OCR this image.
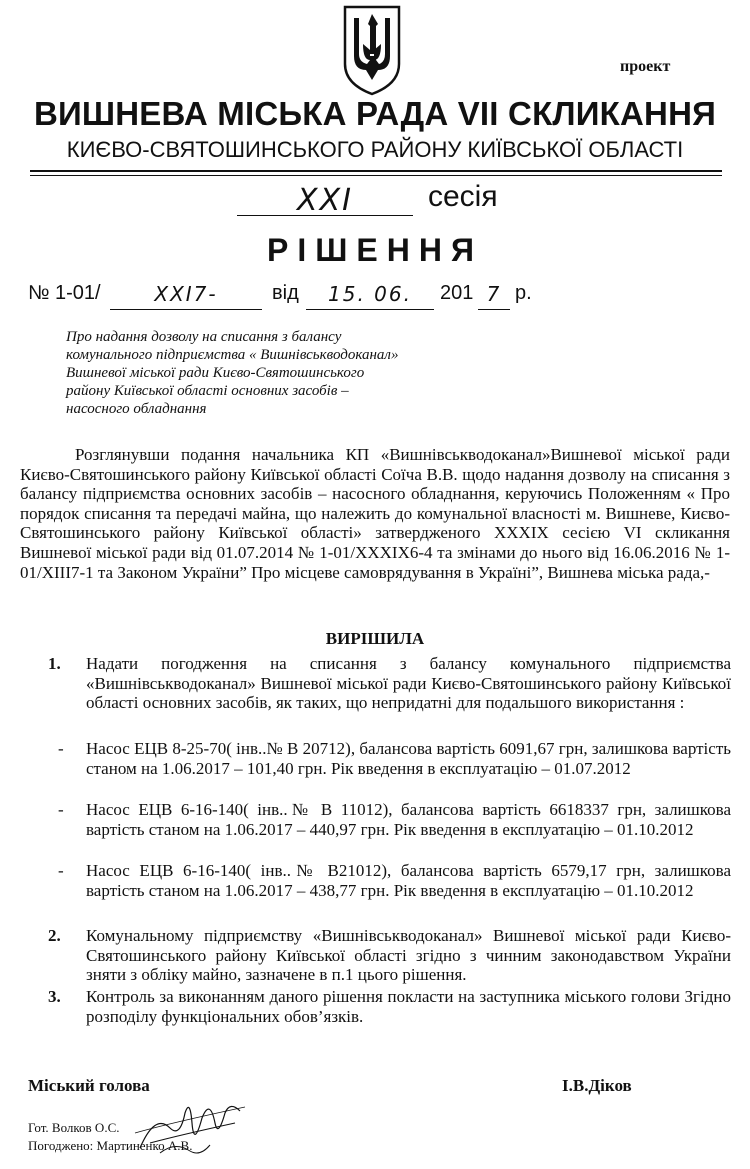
проект
ВИШНЕВА МІСЬКА РАДА VII СКЛИКАННЯ
КИЄВО-СВЯТОШИНСЬКОГО РАЙОНУ КИЇВСЬКОЇ ОБЛАСТІ
XXI	сесія
РІШЕННЯ
№ 1-01/	XXI7-	від	15. 06.	201 7 р.
Про надання дозволу на списання з балансу комунального підприємства « Вишнівськводоканал» Вишневої міської ради Києво-Святошинського району Київської області основних засобів – насосного обладнання
Розглянувши подання начальника КП «Вишнівськводоканал»Вишневої міської ради Києво-Святошинського району Київської області Соїча В.В. щодо надання дозволу на списання з балансу підприємства основних засобів – насосного обладнання, керуючись Положенням « Про порядок списання та передачі майна, що належить до комунальної власності м. Вишневе, Києво-Святошинського району Київської області» затвердженого XXXIX сесією VI скликання Вишневої міської ради від 01.07.2014 № 1-01/XXXIX6-4 та змінами до нього від 16.06.2016 № 1-01/XIII7-1 та Законом України” Про місцеве самоврядування в Україні”, Вишнева міська рада,-
ВИРІШИЛА
1. Надати погодження на списання з балансу комунального підприємства «Вишнівськводоканал» Вишневої міської ради Києво-Святошинського району Київської області основних засобів, як таких, що непридатні для подальшого використання :
- Насос ЕЦВ 8-25-70( інв..№ В 20712), балансова вартість 6091,67 грн, залишкова вартість станом на 1.06.2017 – 101,40 грн. Рік введення в експлуатацію – 01.07.2012
- Насос ЕЦВ 6-16-140( інв..№ В 11012), балансова вартість 6618337 грн, залишкова вартість станом на 1.06.2017 – 440,97 грн. Рік введення в експлуатацію – 01.10.2012
- Насос ЕЦВ 6-16-140( інв..№ В21012), балансова вартість 6579,17 грн, залишкова вартість станом на 1.06.2017 – 438,77 грн. Рік введення в експлуатацію – 01.10.2012
2. Комунальному підприємству «Вишнівськводоканал» Вишневої міської ради Києво-Святошинського району Київської області згідно з чинним законодавством України зняти з обліку майно, зазначене в п.1 цього рішення.
3. Контроль за виконанням даного рішення покласти на заступника міського голови Згідно розподілу функціональних обов’язків.
Міський голова	І.В.Діков
Гот. Волков О.С.
Погоджено: Мартиненко А.В.
